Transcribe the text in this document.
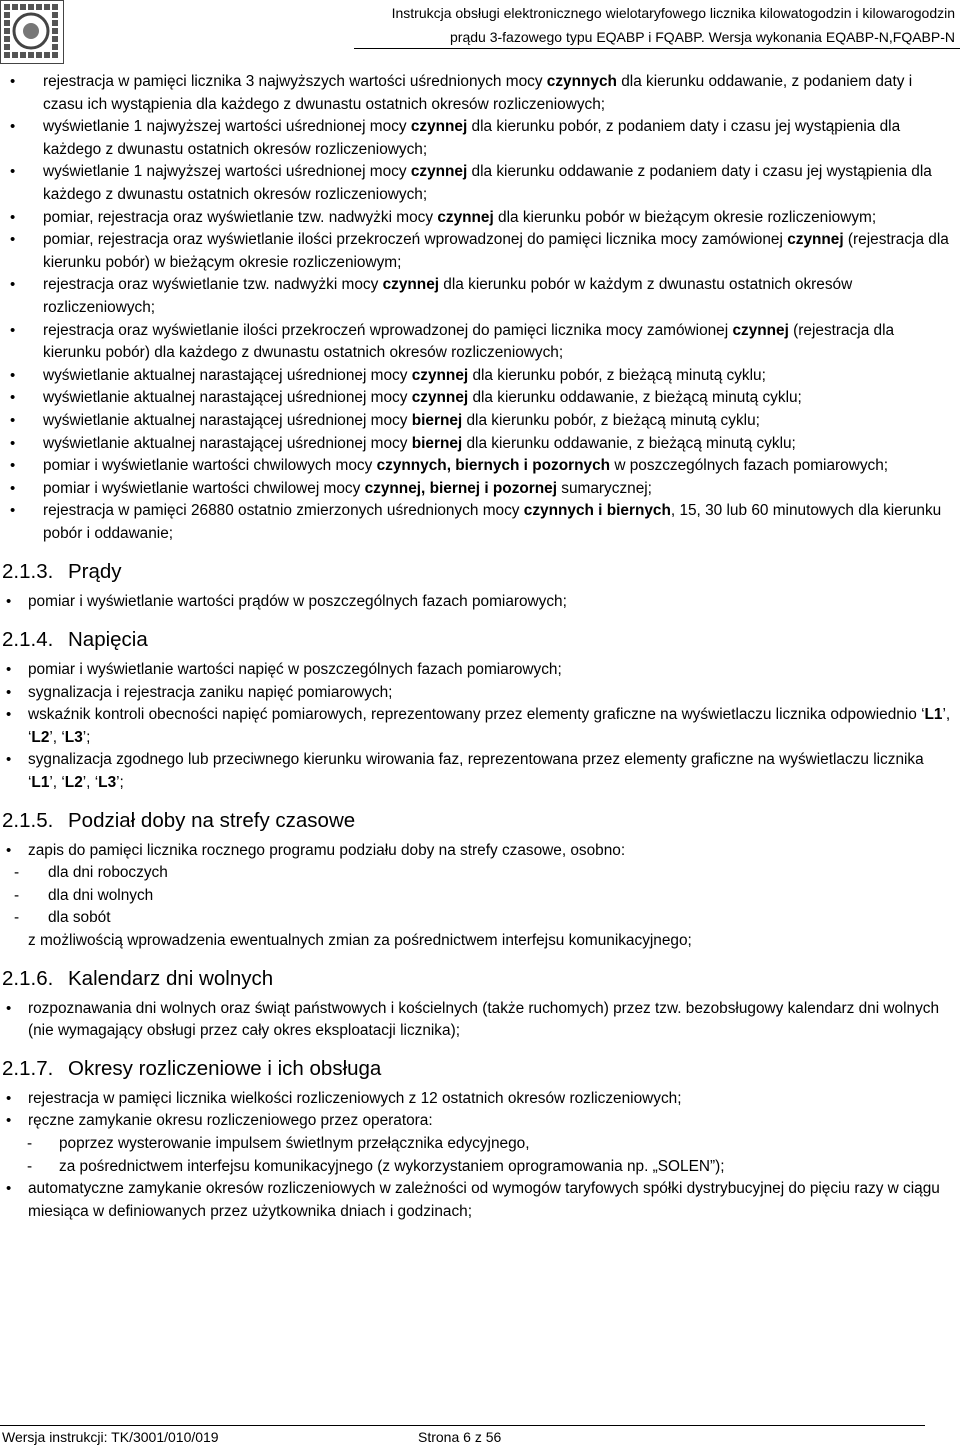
Instrukcja obsługi elektronicznego wielotaryfowego licznika kilowatogodzin i kilowarogodzin
prądu 3-fazowego typu EQABP i FQABP. Wersja wykonania EQABP-N,FQABP-N
• rejestracja w pamięci licznika 3 najwyższych wartości uśrednionych mocy czynnych dla kierunku oddawanie, z podaniem daty i czasu ich wystąpienia dla każdego z dwunastu ostatnich okresów rozliczeniowych;
• wyświetlanie 1 najwyższej wartości uśrednionej mocy czynnej dla kierunku pobór, z podaniem daty i czasu jej wystąpienia dla każdego z dwunastu ostatnich okresów rozliczeniowych;
• wyświetlanie 1 najwyższej wartości uśrednionej mocy czynnej dla kierunku oddawanie z podaniem daty i czasu jej wystąpienia dla każdego z dwunastu ostatnich okresów rozliczeniowych;
• pomiar, rejestracja oraz wyświetlanie tzw. nadwyżki mocy czynnej dla kierunku pobór w bieżącym okresie rozliczeniowym;
• pomiar, rejestracja oraz wyświetlanie ilości przekroczeń wprowadzonej do pamięci licznika mocy zamówionej czynnej (rejestracja dla kierunku pobór) w bieżącym okresie rozliczeniowym;
• rejestracja oraz wyświetlanie tzw. nadwyżki mocy czynnej dla kierunku pobór w każdym z dwunastu ostatnich okresów rozliczeniowych;
• rejestracja oraz wyświetlanie ilości przekroczeń wprowadzonej do pamięci licznika mocy zamówionej czynnej (rejestracja dla kierunku pobór) dla każdego z dwunastu ostatnich okresów rozliczeniowych;
• wyświetlanie aktualnej narastającej uśrednionej mocy czynnej dla kierunku pobór, z bieżącą minutą cyklu;
• wyświetlanie aktualnej narastającej uśrednionej mocy czynnej dla kierunku oddawanie, z bieżącą minutą cyklu;
• wyświetlanie aktualnej narastającej uśrednionej mocy biernej dla kierunku pobór, z bieżącą minutą cyklu;
• wyświetlanie aktualnej narastającej uśrednionej mocy biernej dla kierunku oddawanie, z bieżącą minutą cyklu;
• pomiar i wyświetlanie wartości chwilowych mocy czynnych, biernych i pozornych w poszczególnych fazach pomiarowych;
• pomiar i wyświetlanie wartości chwilowej mocy czynnej, biernej i pozornej sumarycznej;
• rejestracja w pamięci 26880 ostatnio zmierzonych uśrednionych mocy czynnych i biernych, 15, 30 lub 60 minutowych dla kierunku pobór i oddawanie;
2.1.3. Prądy
• pomiar i wyświetlanie wartości prądów w poszczególnych fazach pomiarowych;
2.1.4. Napięcia
• pomiar i wyświetlanie wartości napięć w poszczególnych fazach pomiarowych;
• sygnalizacja i rejestracja zaniku napięć pomiarowych;
• wskaźnik kontroli obecności napięć pomiarowych, reprezentowany przez elementy graficzne na wyświetlaczu licznika odpowiednio ‘L1’, ‘L2’, ‘L3’;
• sygnalizacja zgodnego lub przeciwnego kierunku wirowania faz, reprezentowana przez elementy graficzne na wyświetlaczu licznika ‘L1’, ‘L2’, ‘L3’;
2.1.5. Podział doby na strefy czasowe
• zapis do pamięci licznika rocznego programu podziału doby na strefy czasowe, osobno:
- dla dni roboczych
- dla dni wolnych
- dla sobót
z możliwością wprowadzenia ewentualnych zmian za pośrednictwem interfejsu komunikacyjnego;
2.1.6. Kalendarz dni wolnych
• rozpoznawania dni wolnych oraz świąt państwowych i kościelnych (także ruchomych) przez tzw. bezobsługowy kalendarz dni wolnych (nie wymagający obsługi przez cały okres eksploatacji licznika);
2.1.7. Okresy rozliczeniowe i ich obsługa
• rejestracja w pamięci licznika wielkości rozliczeniowych z 12 ostatnich okresów rozliczeniowych;
• ręczne zamykanie okresu rozliczeniowego przez operatora:
- poprzez wysterowanie impulsem świetlnym przełącznika edycyjnego,
- za pośrednictwem interfejsu komunikacyjnego (z wykorzystaniem oprogramowania np. „SOLEN”);
• automatyczne zamykanie okresów rozliczeniowych w zależności od wymogów taryfowych spółki dystrybucyjnej do pięciu razy w ciągu miesiąca w definiowanych przez użytkownika dniach i godzinach;
Wersja instrukcji: TK/3001/010/019	Strona 6 z 56
